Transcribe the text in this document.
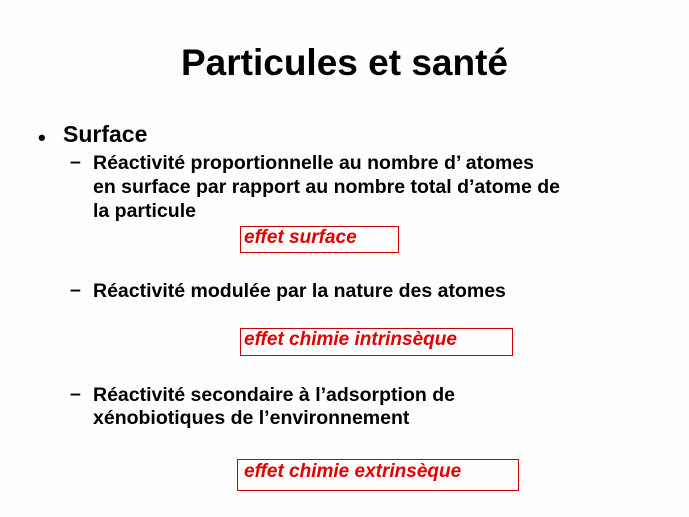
Particules et santé
• Surface
– Réactivité proportionnelle au nombre d’ atomes
en surface par rapport au nombre total d’atome de
la particule
effet surface
– Réactivité modulée par la nature des atomes
effet chimie intrinsèque
– Réactivité secondaire à l’adsorption de
xénobiotiques de l’environnement
effet chimie extrinsèque
